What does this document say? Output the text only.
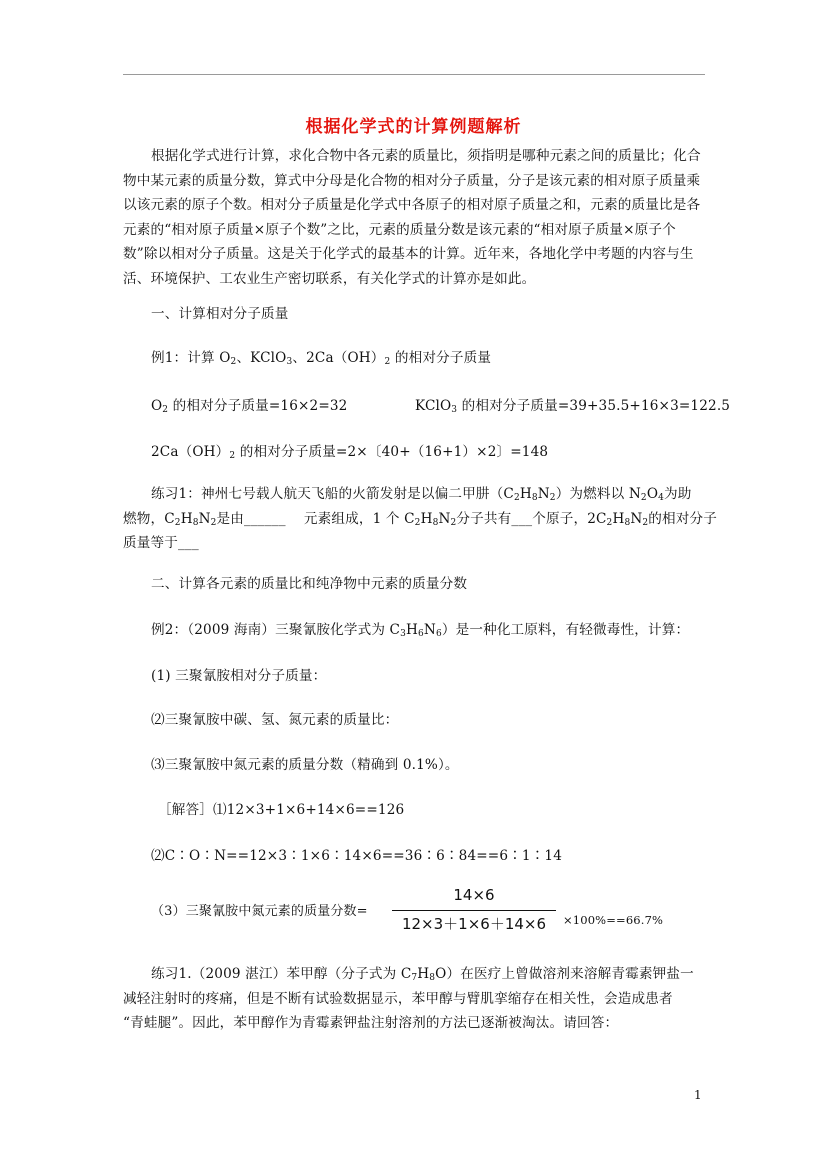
根据化学式的计算例题解析
根据化学式进行计算，求化合物中各元素的质量比，须指明是哪种元素之间的质量比；化合物中某元素的质量分数，算式中分母是化合物的相对分子质量，分子是该元素的相对原子质量乘以该元素的原子个数。相对分子质量是化学式中各原子的相对原子质量之和，元素的质量比是各元素的“相对原子质量×原子个数”之比，元素的质量分数是该元素的“相对原子质量×原子个数”除以相对分子质量。这是关于化学式的最基本的计算。近年来，各地化学中考题的内容与生活、环境保护、工农业生产密切联系，有关化学式的计算亦是如此。
一、计算相对分子质量
例1：计算 $O_2$、KClO$_3$、$2Ca(OH)_2$ 的相对分子质量
$O_2$ 的相对分子质量=16×2=32	KClO$_3$ 的相对分子质量=39+35.5+16×3=122.5
$2Ca(OH)_2$ 的相对分子质量=2×〔40+（16+1）×2〕=148
练习1：神州七号载人航天飞船的火箭发射是以偏二甲肼$(C_2H_8N_2)$为燃料以 $N_2O_4$为助
燃物，$C_2H_8N_2$是由______ 　元素组成，1 个 $C_2H_8N_2$分子共有___个原子，$2C_2H_8N_2$的相对分子
质量等于___
二、计算各元素的质量比和纯净物中元素的质量分数
例2：（2009 海南）三聚氰胺化学式为 $C_3H_6N_6$）是一种化工原料，有轻微毒性，计算：
(1) 三聚氰胺相对分子质量：
⑵三聚氰胺中碳、氢、氮元素的质量比：
⑶三聚氰胺中氮元素的质量分数（精确到 0.1%）。
［解答］⑴12×3+1×6+14×6==126
⑵C∶O∶N==12×3∶1×6∶14×6==36∶6∶84==6∶1∶14
（3）三聚氰胺中氮元素的质量分数=
14×6
12×3＋1×6＋14×6	×100%==66.7%
练习1.（2009 湛江）苯甲醇（分子式为 $C_7H_8O$）在医疗上曾做溶剂来溶解青霉素钾盐一
减轻注射时的疼痛，但是不断有试验数据显示，苯甲醇与臂肌挛缩存在相关性，会造成患者
“青蛙腿”。因此，苯甲醇作为青霉素钾盐注射溶剂的方法已逐渐被淘汰。请回答：
1
